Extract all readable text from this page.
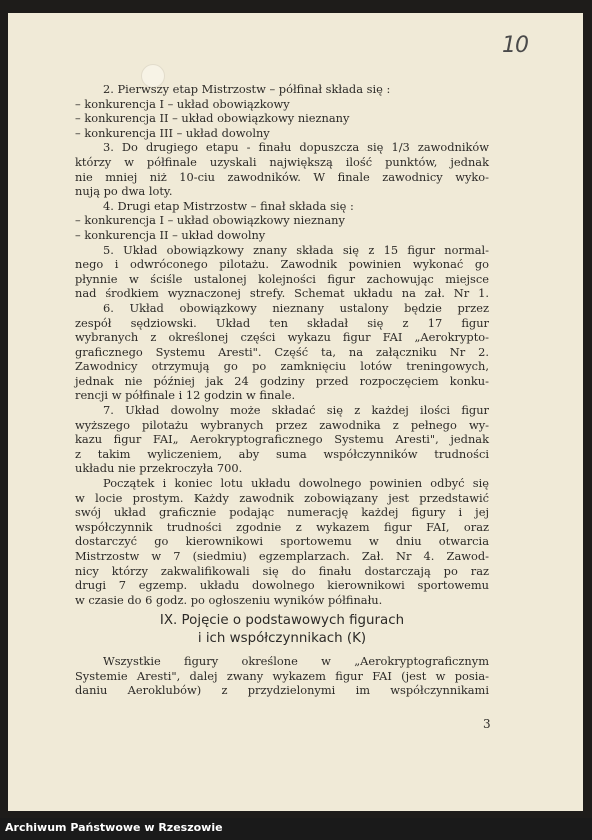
10
2. Pierwszy etap Mistrzostw – półfinał składa się :
– konkurencja I – układ obowiązkowy
– konkurencja II – układ obowiązkowy nieznany
– konkurencja III – układ dowolny
3. Do drugiego etapu - finału dopuszcza się 1/3 zawodników
którzy w półfinale uzyskali największą ilość punktów, jednak
nie mniej niż 10-ciu zawodników. W finale zawodnicy wyko-
nują po dwa loty.
4. Drugi etap Mistrzostw – finał składa się :
– konkurencja I – układ obowiązkowy nieznany
– konkurencja II – układ dowolny
5. Układ obowiązkowy znany składa się z 15 figur normal-
nego i odwróconego pilotażu. Zawodnik powinien wykonać go
płynnie w ściśle ustalonej kolejności figur zachowując miejsce
nad środkiem wyznaczonej strefy. Schemat układu na zał. Nr 1.
6. Układ obowiązkowy nieznany ustalony będzie przez
zespół sędziowski. Układ ten składał się z 17 figur
wybranych z określonej części wykazu figur FAI „Aerokrypto-
graficznego Systemu Aresti". Część ta, na załączniku Nr 2.
Zawodnicy otrzymują go po zamknięciu lotów treningowych,
jednak nie później jak 24 godziny przed rozpoczęciem konku-
rencji w półfinale i 12 godzin w finale.
7. Układ dowolny może składać się z każdej ilości figur
wyższego pilotażu wybranych przez zawodnika z pełnego wy-
kazu figur FAI„ Aerokryptograficznego Systemu Aresti", jednak
z takim wyliczeniem, aby suma współczynników trudności
układu nie przekroczyła 700.
Początek i koniec lotu układu dowolnego powinien odbyć się
w locie prostym. Każdy zawodnik zobowiązany jest przedstawić
swój układ graficznie podając numerację każdej figury i jej
współczynnik trudności zgodnie z wykazem figur FAI, oraz
dostarczyć go kierownikowi sportowemu w dniu otwarcia
Mistrzostw w 7 (siedmiu) egzemplarzach. Zał. Nr 4. Zawod-
nicy którzy zakwalifikowali się do finału dostarczają po raz
drugi 7 egzemp. układu dowolnego kierownikowi sportowemu
w czasie do 6 godz. po ogłoszeniu wyników półfinału.
IX. Pojęcie o podstawowych figurach
i ich współczynnikach (K)
Wszystkie figury określone w „Aerokryptograficznym
Systemie Aresti", dalej zwany wykazem figur FAI (jest w posia-
daniu Aeroklubów) z przydzielonymi im współczynnikami
3
Archiwum Państwowe w Rzeszowie
